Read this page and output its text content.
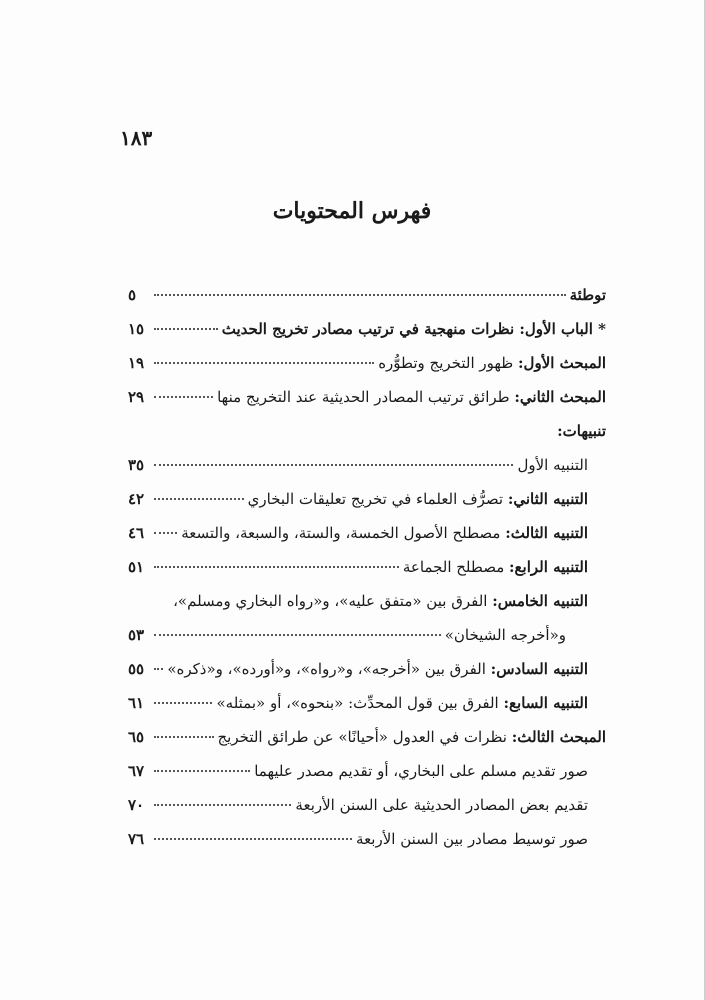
١٨٣
فهرس المحتويات
توطئة
٥
* الباب الأول: نظرات منهجية في ترتيب مصادر تخريج الحديث
١٥
المبحث الأول: ظهور التخريج وتطوُّره
١٩
المبحث الثاني: طرائق ترتيب المصادر الحديثية عند التخريج منها
٢٩
تنبيهات:
التنبيه الأول
٣٥
التنبيه الثاني: تصرُّف العلماء في تخريج تعليقات البخاري
٤٢
التنبيه الثالث: مصطلح الأصول الخمسة، والستة، والسبعة، والتسعة
٤٦
التنبيه الرابع: مصطلح الجماعة
٥١
التنبيه الخامس: الفرق بين «متفق عليه»، و«رواه البخاري ومسلم»،
و«أخرجه الشيخان»
٥٣
التنبيه السادس: الفرق بين «أخرجه»، و«رواه»، و«أورده»، و«ذكره»
٥٥
التنبيه السابع: الفرق بين قول المحدِّث: «بنحوه»، أو «بمثله»
٦١
المبحث الثالث: نظرات في العدول «أحيانًا» عن طرائق التخريج
٦٥
صور تقديم مسلم على البخاري، أو تقديم مصدر عليهما
٦٧
تقديم بعض المصادر الحديثية على السنن الأربعة
٧٠
صور توسيط مصادر بين السنن الأربعة
٧٦
